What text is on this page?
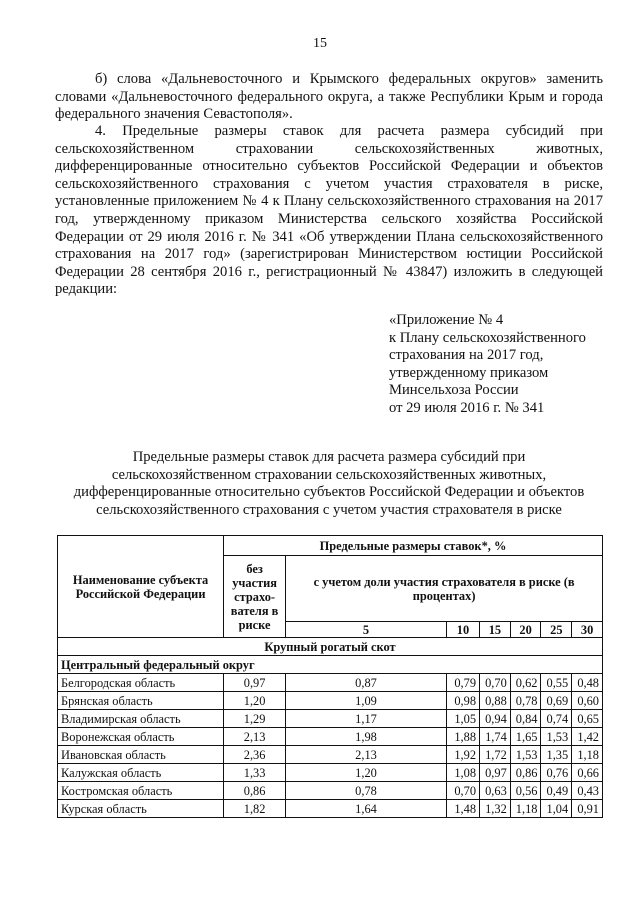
15
б) слова «Дальневосточного и Крымского федеральных округов» заменить словами «Дальневосточного федерального округа, а также Республики Крым и города федерального значения Севастополя».
4. Предельные размеры ставок для расчета размера субсидий при сельскохозяйственном страховании сельскохозяйственных животных, дифференцированные относительно субъектов Российской Федерации и объектов сельскохозяйственного страхования с учетом участия страхователя в риске, установленные приложением № 4 к Плану сельскохозяйственного страхования на 2017 год, утвержденному приказом Министерства сельского хозяйства Российской Федерации от 29 июля 2016 г. № 341 «Об утверждении Плана сельскохозяйственного страхования на 2017 год» (зарегистрирован Министерством юстиции Российской Федерации 28 сентября 2016 г., регистрационный № 43847) изложить в следующей редакции:
«Приложение № 4
к Плану сельскохозяйственного
страхования на 2017 год,
утвержденному приказом
Минсельхоза России
от 29 июля 2016 г. № 341
Предельные размеры ставок для расчета размера субсидий при
сельскохозяйственном страховании сельскохозяйственных животных,
дифференцированные относительно субъектов Российской Федерации и объектов
сельскохозяйственного страхования с учетом участия страхователя в риске
Наименование субъекта Российской Федерации	Предельные размеры ставок*, %						
	без участия страхо-вателя в риске	с учетом доли участия страхователя в риске (в процентах)					
		5	10	15	20	25	30
Крупный рогатый скот							
Центральный федеральный округ							
Белгородская область	0,97	0,87	0,79	0,70	0,62	0,55	0,48
Брянская область	1,20	1,09	0,98	0,88	0,78	0,69	0,60
Владимирская область	1,29	1,17	1,05	0,94	0,84	0,74	0,65
Воронежская область	2,13	1,98	1,88	1,74	1,65	1,53	1,42
Ивановская область	2,36	2,13	1,92	1,72	1,53	1,35	1,18
Калужская область	1,33	1,20	1,08	0,97	0,86	0,76	0,66
Костромская область	0,86	0,78	0,70	0,63	0,56	0,49	0,43
Курская область	1,82	1,64	1,48	1,32	1,18	1,04	0,91
